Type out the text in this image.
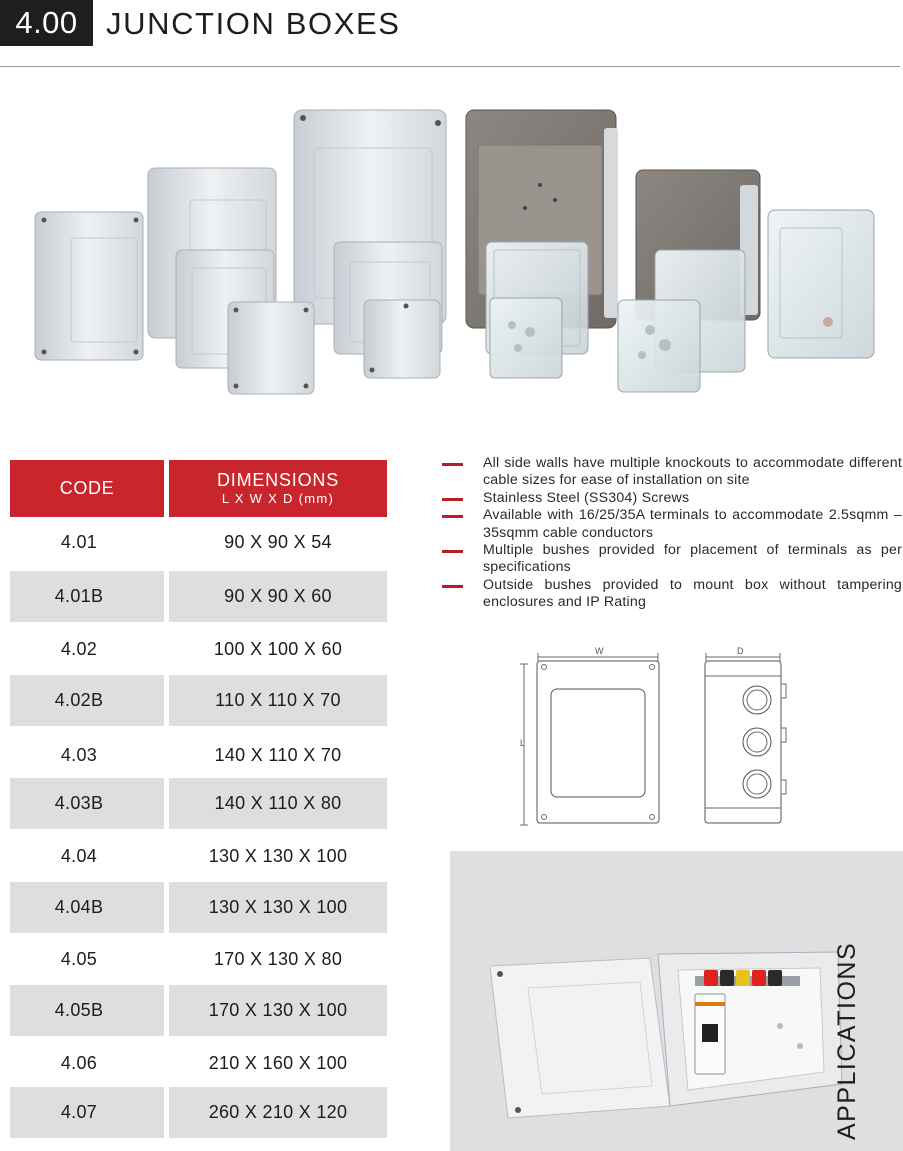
4.00 JUNCTION BOXES
CODE	DIMENSIONS
L X W X D (mm)
4.01	90 X 90 X 54
4.01B	90 X 90 X 60
4.02	100 X 100 X 60
4.02B	110 X 110 X 70
4.03	140 X 110 X 70
4.03B	140 X 110 X 80
4.04	130 X 130 X 100
4.04B	130 X 130 X 100
4.05	170 X 130 X 80
4.05B	170 X 130 X 100
4.06	210 X 160 X 100
4.07	260 X 210 X 120
All side walls have multiple knockouts to accommodate different cable sizes for ease of installation on site
Stainless Steel (SS304) Screws
Available with 16/25/35A terminals to accommodate 2.5sqmm – 35sqmm cable conductors
Multiple bushes provided for placement of terminals as per specifications
Outside bushes provided to mount box without tampering enclosures and IP Rating
W	D
L
APPLICATIONS
